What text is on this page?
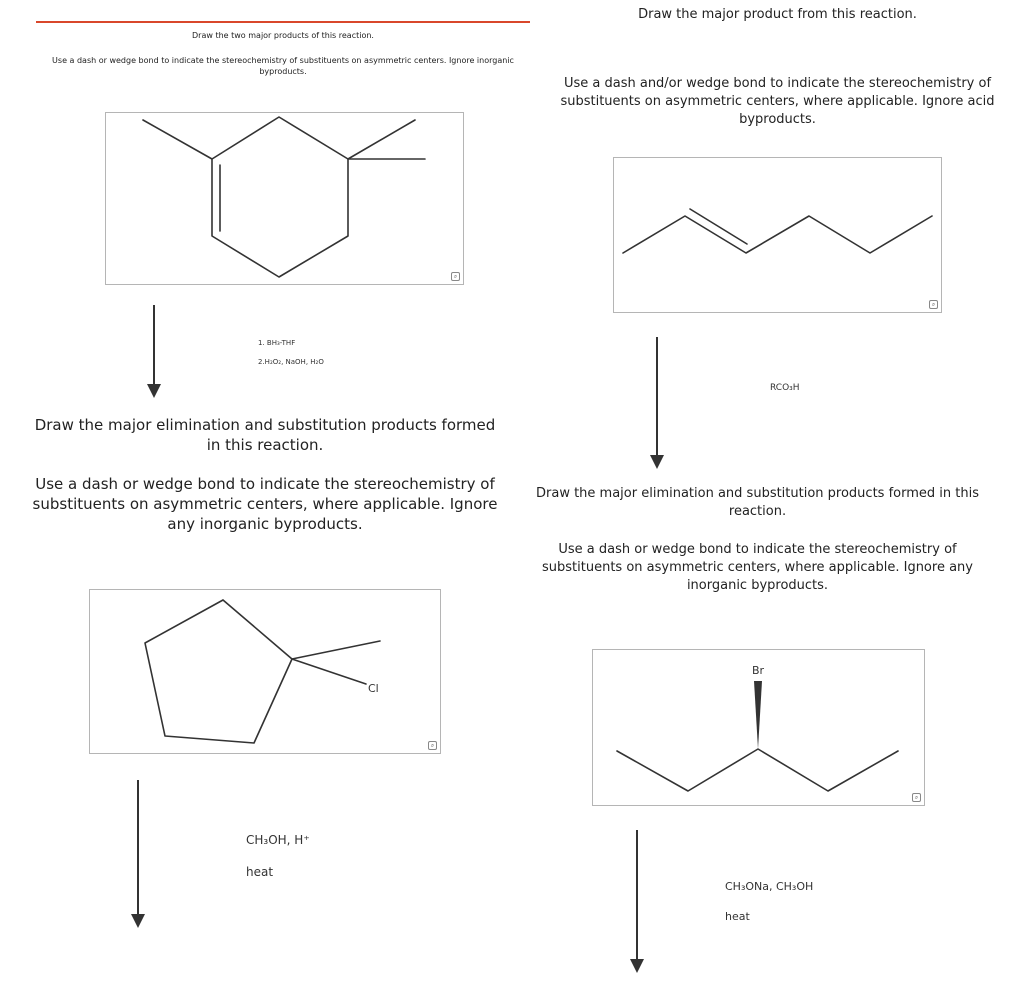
Draw the two major products of this reaction.
Use a dash or wedge bond to indicate the stereochemistry of substituents on asymmetric centers. Ignore inorganic byproducts.
⌕
1. BH₃-THF
2.H₂O₂, NaOH, H₂O
Draw the major product from this reaction.
Use a dash and/or wedge bond to indicate the stereochemistry of substituents on asymmetric centers, where applicable. Ignore acid byproducts.
⌕
RCO₃H
Draw the major elimination and substitution products formed in this reaction.
Use a dash or wedge bond to indicate the stereochemistry of substituents on asymmetric centers, where applicable. Ignore any inorganic byproducts.
Cl
⌕
CH₃OH, H⁺
heat
Draw the major elimination and substitution products formed in this reaction.
Use a dash or wedge bond to indicate the stereochemistry of substituents on asymmetric centers, where applicable. Ignore any inorganic byproducts.
Br
⌕
CH₃ONa, CH₃OH
heat
